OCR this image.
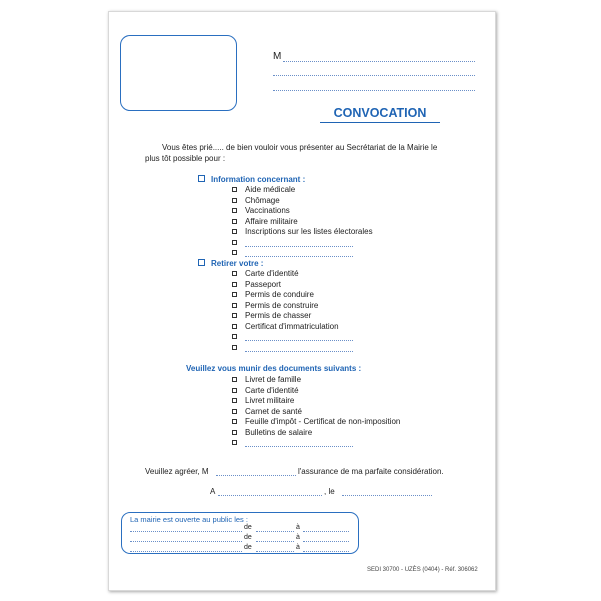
M
CONVOCATION
Vous êtes prié..... de bien vouloir vous présenter au Secrétariat de la Mairie le
plus tôt possible pour :
Information concernant :
Aide médicale
Chômage
Vaccinations
Affaire militaire
Inscriptions sur les listes électorales
Retirer votre :
Carte d'identité
Passeport
Permis de conduire
Permis de construire
Permis de chasser
Certificat d'immatriculation
Veuillez vous munir des documents suivants :
Livret de famille
Carte d'identité
Livret militaire
Carnet de santé
Feuille d'impôt - Certificat de non-imposition
Bulletins de salaire
Veuillez agréer, M	l'assurance de ma parfaite considération.
A	, le
La mairie est ouverte au public les :
de	à
de	à
de	à
SEDI 30700 - UZÈS (0404) - Réf. 306062
